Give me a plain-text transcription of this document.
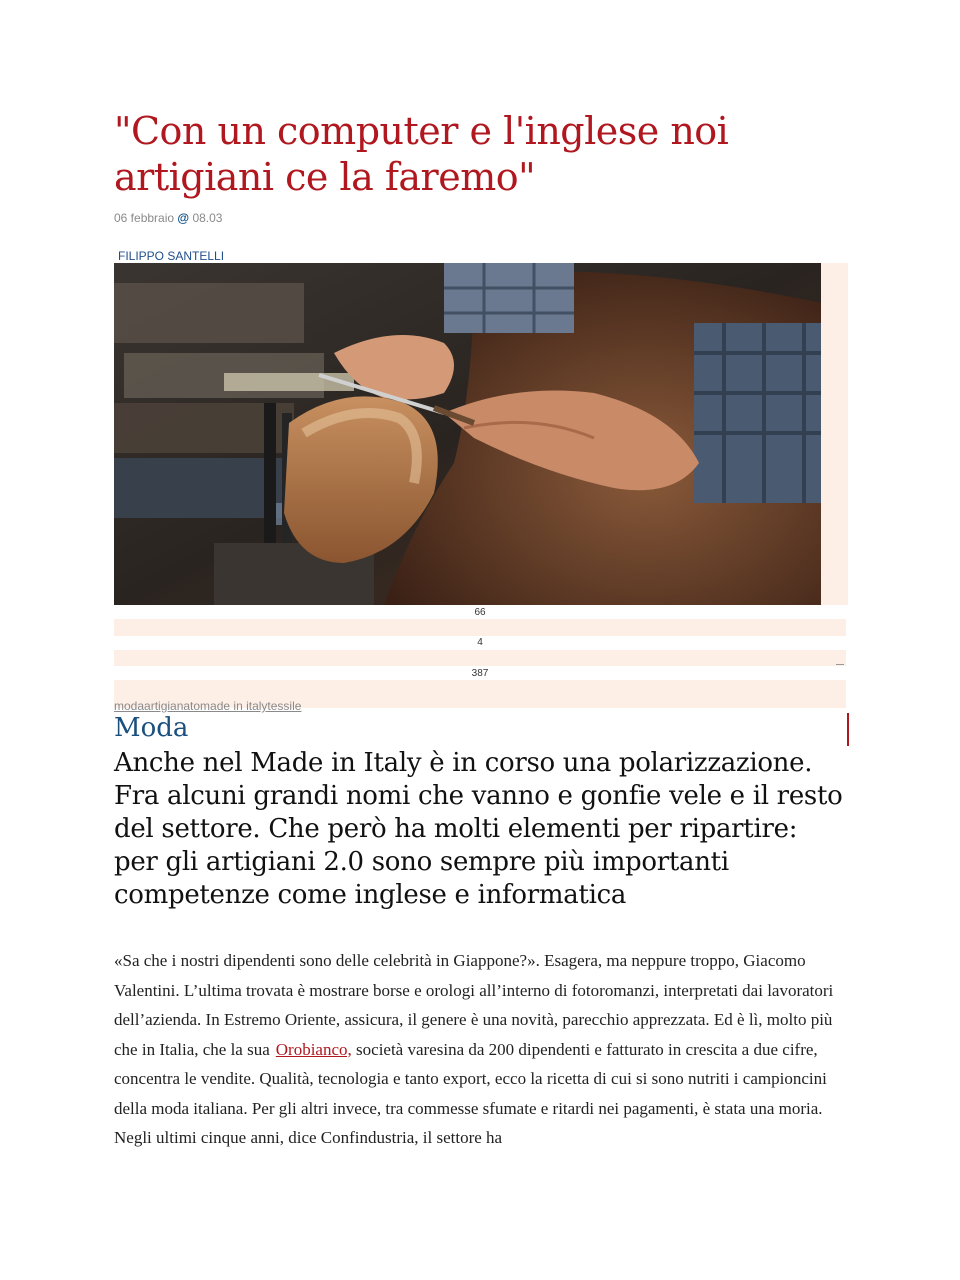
"Con un computer e l'inglese noi artigiani ce la faremo"
06 febbraio @ 08.03
FILIPPO SANTELLI
66
4
387
modaartigianatomade in italytessile
Moda

Anche nel Made in Italy è in corso una polarizzazione. Fra alcuni grandi nomi che vanno e gonfie vele e il resto del settore. Che però ha molti elementi per ripartire: per gli artigiani 2.0 sono sempre più importanti competenze come inglese e informatica

«Sa che i nostri dipendenti sono delle celebrità in Giappone?». Esagera, ma neppure troppo, Giacomo Valentini. L’ultima trovata è mostrare borse e orologi all’interno di fotoromanzi, interpretati dai lavoratori dell’azienda. In Estremo Oriente, assicura, il genere è una novità, parecchio apprezzata. Ed è lì, molto più che in Italia, che la sua Orobianco, società varesina da 200 dipendenti e fatturato in crescita a due cifre, concentra le vendite. Qualità, tecnologia e tanto export, ecco la ricetta di cui si sono nutriti i campioncini della moda italiana. Per gli altri invece, tra commesse sfumate e ritardi nei pagamenti, è stata una moria. Negli ultimi cinque anni, dice Confindustria, il settore ha
